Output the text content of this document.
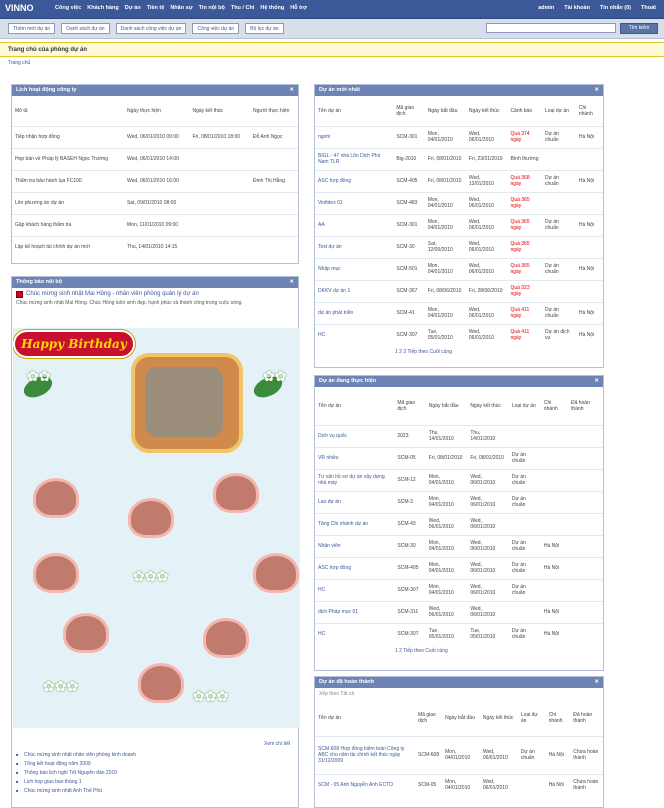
VINNO	Công việc Khách hàng Dự án Tiền tệ Nhân sự Tin nội bộ Thu / Chi Hệ thống Hỗ trợ	admin Tài khoản Tin nhắn (0) Thoát
Thêm mới dự án	Danh sách dự án	Danh sách công việc dự án	Công việc dự án	Bộ lọc dự án	Tìm kiếm
Trang chủ của phòng dự án
Trang chủ
Lịch hoạt động công ty	✕
Mô tả	Ngày thực hiện	Ngày kết thúc	Người thực hiện
Tiếp nhận hợp đồng	Wed, 06/01/2010 09:00	Fri, 08/01/2010 18:00	Đỗ Anh Ngọc
Họp bàn về Pháp lý BASEH Ngọc Trường	Wed, 06/01/2010 14:00		
Thẩm tra bảo hành lụa FC100	Wed, 06/01/2010 16:00		Đinh Thị Hằng
Lên phương án dự án	Sat, 09/01/2010 08:00		
Gặp khách hàng thẩm tra	Mon, 11/01/2010 09:00		
Lập kế hoạch tài chính dự án mới	Thu, 14/01/2010 14:15		
Thông báo nội bộ	✕
Chúc mừng sinh nhật Mai Hồng - nhân viên phòng quản lý dự án
Chúc mừng sinh nhật Mai Hồng. Chúc Hồng luôn xinh đẹp, hạnh phúc và thành công trong cuộc sống.
Xem chi tiết
■ Chúc mừng sinh nhật nhân viên phòng kinh doanh
■ Tổng kết hoạt động năm 2009
■ Thông báo lịch nghỉ Tết Nguyên đán 2010
■ Lịch họp giao ban tháng 1
■ Chúc mừng sinh nhật Anh Thế Phú
Happy Birthday
✿✿	✿✿
✿✿✿
✿✿✿
✿✿✿
Dự án mới nhất	✕
Tên dự án	Mã giao dịch	Ngày bắt đầu	Ngày kết thúc	Cảnh báo	Loại dự án	Chi nhánh
ngohi	SCM-301	Mon, 04/01/2010	Wed, 06/01/2010	Quá 374 ngày	Dự án chuẩn	Hà Nội
BIGL - 47 nhà Lõn Dịch Phú Nam TLR	Big-2010	Fri, 08/01/2010	Fri, 23/01/2010	Bình thường		
ASC hợp đồng	SCM-405	Fri, 08/01/2010	Wed, 13/01/2010	Quá 368 ngày	Dự án chuẩn	Hà Nội
Vinfidex 01	SCM-483	Mon, 04/01/2010	Wed, 06/01/2010	Quá 365 ngày		
AA	SCM-301	Mon, 04/01/2010	Wed, 06/01/2010	Quá 365 ngày	Dự án chuẩn	Hà Nội
Test dự án	SCM-30	Sat, 12/06/2010	Wed, 06/01/2010	Quá 365 ngày		
Nhập mục	SCM-501	Mon, 04/01/2010	Wed, 06/01/2010	Quá 365 ngày	Dự án chuẩn	Hà Nội
DKKV dự án 1	SCM-367	Fri, 08/06/2010	Fri, 28/06/2010	Quá 323 ngày		
dự án phát triển	SCM-41	Mon, 04/01/2010	Wed, 06/01/2010	Quá 411 ngày	Dự án chuẩn	Hà Nội
HC	SCM-307	Tue, 05/01/2010	Wed, 06/01/2010	Quá 411 ngày	Dự án dịch vụ	Hà Nội
1 2 3 Tiếp theo Cuối cùng
Dự án đang thực hiện	✕
Tên dự án	Mã giao dịch	Ngày bắt đầu	Ngày kết thúc	Loại dự án	Chi nhánh	Đã hoàn thành
Dịch vụ quốc	2023	Thu, 14/01/2010	Thu, 14/01/2010			
VR nhiều	SCM-05	Fri, 08/01/2010	Fri, 08/01/2010	Dự án chuẩn		
Tư vấn hồ sơ dự án xây dựng nhà máy	SCM-12	Mon, 04/01/2010	Wed, 06/01/2010	Dự án chuẩn		
Lao dự án	SCM-3	Mon, 04/01/2010	Wed, 06/01/2010	Dự án chuẩn		
Tăng Chi nhánh dự án	SCM-43	Wed, 06/01/2010	Wed, 06/01/2010			
Nhận viên	SCM-30	Mon, 04/01/2010	Wed, 06/01/2010	Dự án chuẩn	Hà Nội	
ASC hợp đồng	SCM-405	Mon, 04/01/2010	Wed, 06/01/2010	Dự án chuẩn	Hà Nội	
HC	SCM-307	Mon, 04/01/2010	Wed, 06/01/2010	Dự án chuẩn		
dịch Pháp mục 01	SCM-311	Wed, 06/01/2010	Wed, 06/01/2010		Hà Nội	
HC	SCM-307	Tue, 05/01/2010	Tue, 05/01/2010	Dự án chuẩn	Hà Nội	
1 2 Tiếp theo Cuối cùng
Dự án đã hoàn thành	✕
Xếp theo Tất cả
Tên dự án	Mã giao dịch	Ngày bắt đầu	Ngày kết thúc	Loại dự án	Chi nhánh	Đã hoàn thành
SCM-608 Hợp đồng kiểm toán Công ty ABC cho năm tài chính kết thúc ngày 31/12/2009	SCM-608	Mon, 04/01/2010	Wed, 06/01/2010	Dự án chuẩn	Hà Nội	Chưa hoàn thành
SCM - 05 Anh Nguyễn Anh ECTO	SCM-05	Mon, 04/01/2010	Wed, 06/01/2010		Hà Nội	Chưa hoàn thành
